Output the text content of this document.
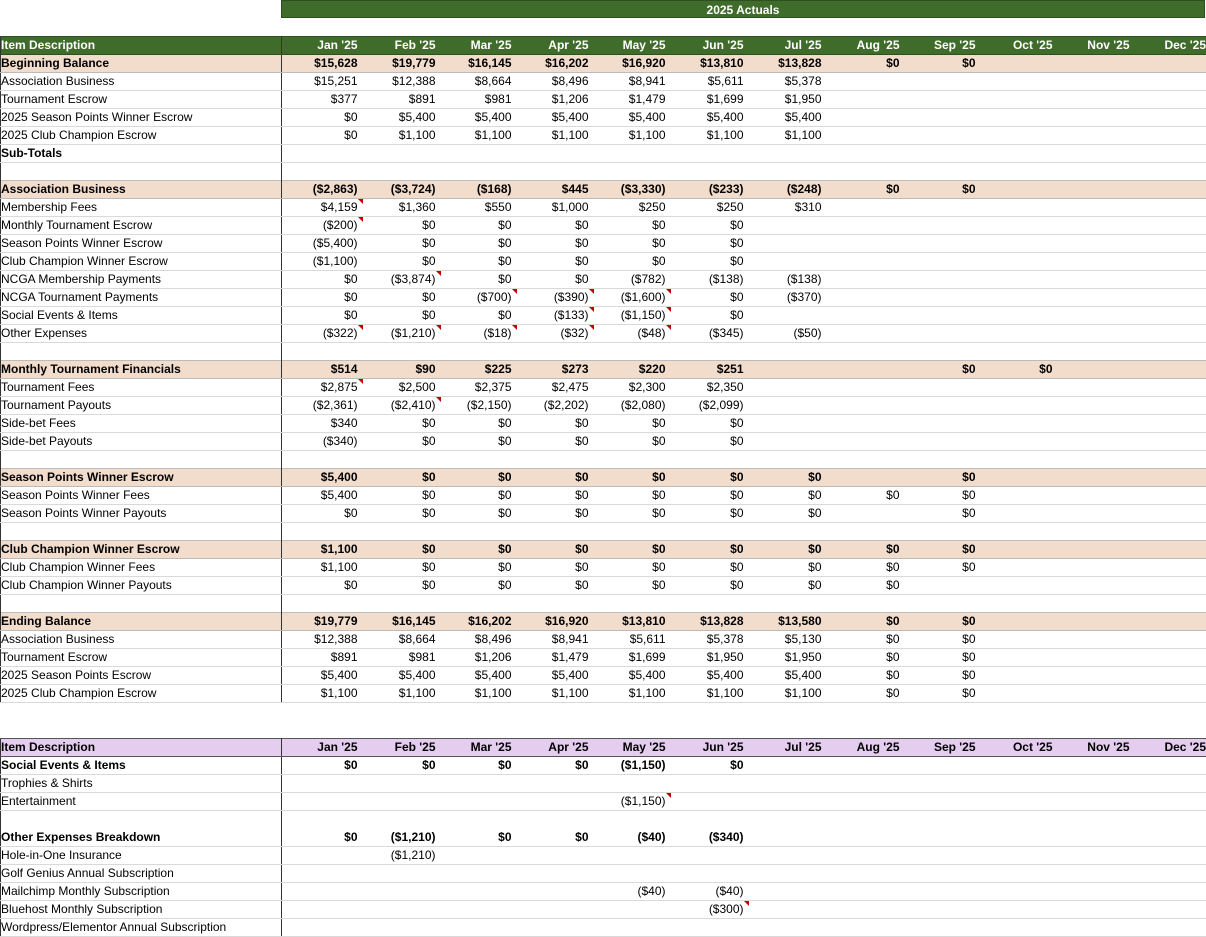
2025 Actuals
Item Description	Jan '25	Feb '25	Mar '25	Apr '25	May '25	Jun '25	Jul '25	Aug '25	Sep '25	Oct '25	Nov '25	Dec '25
Beginning Balance	$15,628	$19,779	$16,145	$16,202	$16,920	$13,810	$13,828	$0	$0			
Association Business	$15,251	$12,388	$8,664	$8,496	$8,941	$5,611	$5,378					
Tournament Escrow	$377	$891	$981	$1,206	$1,479	$1,699	$1,950					
2025 Season Points Winner Escrow	$0	$5,400	$5,400	$5,400	$5,400	$5,400	$5,400					
2025 Club Champion Escrow	$0	$1,100	$1,100	$1,100	$1,100	$1,100	$1,100					
Sub-Totals												

Association Business	($2,863)	($3,724)	($168)	$445	($3,330)	($233)	($248)	$0	$0			
Membership Fees	$4,159	$1,360	$550	$1,000	$250	$250	$310					
Monthly Tournament Escrow	($200)	$0	$0	$0	$0	$0						
Season Points Winner Escrow	($5,400)	$0	$0	$0	$0	$0						
Club Champion Winner Escrow	($1,100)	$0	$0	$0	$0	$0						
NCGA Membership Payments	$0	($3,874)	$0	$0	($782)	($138)	($138)					
NCGA Tournament Payments	$0	$0	($700)	($390)	($1,600)	$0	($370)					
Social Events & Items	$0	$0	$0	($133)	($1,150)	$0						
Other Expenses	($322)	($1,210)	($18)	($32)	($48)	($345)	($50)					

Monthly Tournament Financials	$514	$90	$225	$273	$220	$251			$0	$0		
Tournament Fees	$2,875	$2,500	$2,375	$2,475	$2,300	$2,350						
Tournament Payouts	($2,361)	($2,410)	($2,150)	($2,202)	($2,080)	($2,099)						
Side-bet Fees	$340	$0	$0	$0	$0	$0						
Side-bet Payouts	($340)	$0	$0	$0	$0	$0						

Season Points Winner Escrow	$5,400	$0	$0	$0	$0	$0	$0		$0			
Season Points Winner Fees	$5,400	$0	$0	$0	$0	$0	$0	$0	$0			
Season Points Winner Payouts	$0	$0	$0	$0	$0	$0	$0		$0			

Club Champion Winner Escrow	$1,100	$0	$0	$0	$0	$0	$0	$0	$0			
Club Champion Winner Fees	$1,100	$0	$0	$0	$0	$0	$0	$0	$0			
Club Champion Winner Payouts	$0	$0	$0	$0	$0	$0	$0	$0				

Ending Balance	$19,779	$16,145	$16,202	$16,920	$13,810	$13,828	$13,580	$0	$0			
Association Business	$12,388	$8,664	$8,496	$8,941	$5,611	$5,378	$5,130	$0	$0			
Tournament Escrow	$891	$981	$1,206	$1,479	$1,699	$1,950	$1,950	$0	$0			
2025 Season Points Escrow	$5,400	$5,400	$5,400	$5,400	$5,400	$5,400	$5,400	$0	$0			
2025 Club Champion Escrow	$1,100	$1,100	$1,100	$1,100	$1,100	$1,100	$1,100	$0	$0			
Item Description	Jan '25	Feb '25	Mar '25	Apr '25	May '25	Jun '25	Jul '25	Aug '25	Sep '25	Oct '25	Nov '25	Dec '25
Social Events & Items	$0	$0	$0	$0	($1,150)	$0						
Trophies & Shirts												
Entertainment					($1,150)							

Other Expenses Breakdown	$0	($1,210)	$0	$0	($40)	($340)						
Hole-in-One Insurance		($1,210)										
Golf Genius Annual Subscription												
Mailchimp Monthly Subscription					($40)	($40)						
Bluehost Monthly Subscription						($300)						
Wordpress/Elementor Annual Subscription												
